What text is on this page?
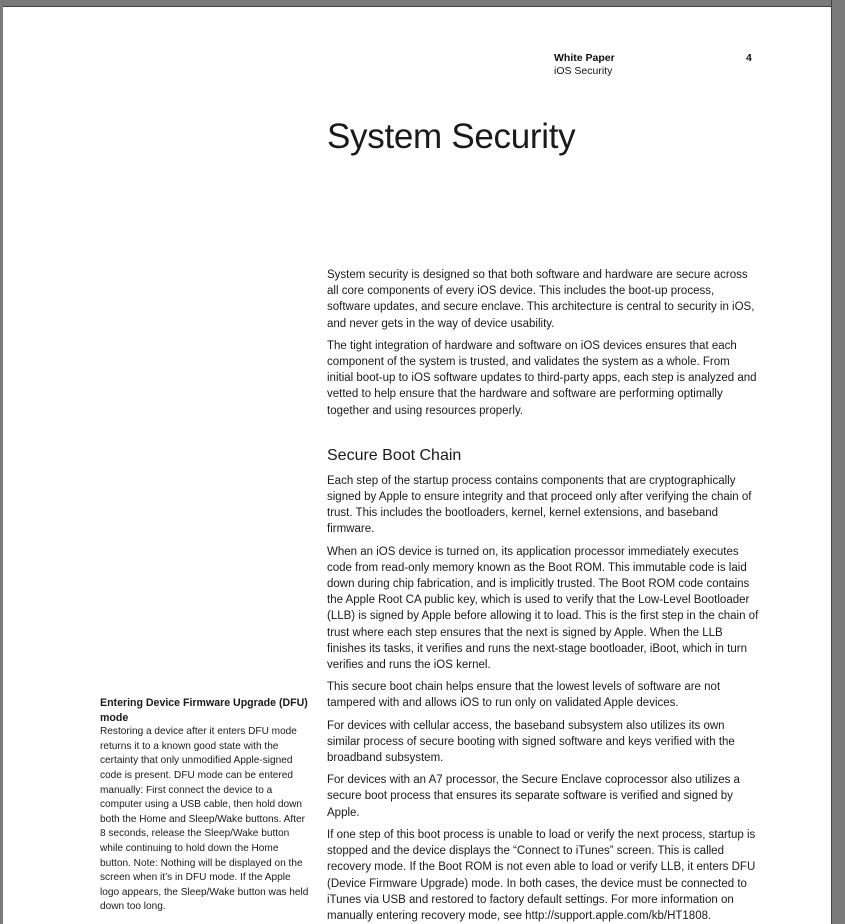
White Paper
iOS Security
4
System Security

System security is designed so that both software and hardware are secure across all core components of every iOS device. This includes the boot-up process, software updates, and secure enclave. This architecture is central to security in iOS, and never gets in the way of device usability.

The tight integration of hardware and software on iOS devices ensures that each component of the system is trusted, and validates the system as a whole. From initial boot-up to iOS software updates to third-party apps, each step is analyzed and vetted to help ensure that the hardware and software are performing optimally together and using resources properly.

Secure Boot Chain

Each step of the startup process contains components that are cryptographically signed by Apple to ensure integrity and that proceed only after verifying the chain of trust. This includes the bootloaders, kernel, kernel extensions, and baseband firmware.

When an iOS device is turned on, its application processor immediately executes code from read-only memory known as the Boot ROM. This immutable code is laid down during chip fabrication, and is implicitly trusted. The Boot ROM code contains the Apple Root CA public key, which is used to verify that the Low-Level Bootloader (LLB) is signed by Apple before allowing it to load. This is the first step in the chain of trust where each step ensures that the next is signed by Apple. When the LLB finishes its tasks, it verifies and runs the next-stage bootloader, iBoot, which in turn verifies and runs the iOS kernel.

This secure boot chain helps ensure that the lowest levels of software are not tampered with and allows iOS to run only on validated Apple devices.

For devices with cellular access, the baseband subsystem also utilizes its own similar process of secure booting with signed software and keys verified with the broadband subsystem.

For devices with an A7 processor, the Secure Enclave coprocessor also utilizes a secure boot process that ensures its separate software is verified and signed by Apple.

If one step of this boot process is unable to load or verify the next process, startup is stopped and the device displays the “Connect to iTunes” screen. This is called recovery mode. If the Boot ROM is not even able to load or verify LLB, it enters DFU (Device Firmware Upgrade) mode. In both cases, the device must be connected to iTunes via USB and restored to factory default settings. For more information on manually entering recovery mode, see http://support.apple.com/kb/HT1808.

Entering Device Firmware Upgrade (DFU) mode

Restoring a device after it enters DFU mode returns it to a known good state with the certainty that only unmodified Apple-signed code is present. DFU mode can be entered manually: First connect the device to a computer using a USB cable, then hold down both the Home and Sleep/Wake buttons. After 8 seconds, release the Sleep/Wake button while continuing to hold down the Home button. Note: Nothing will be displayed on the screen when it’s in DFU mode. If the Apple logo appears, the Sleep/Wake button was held down too long.
